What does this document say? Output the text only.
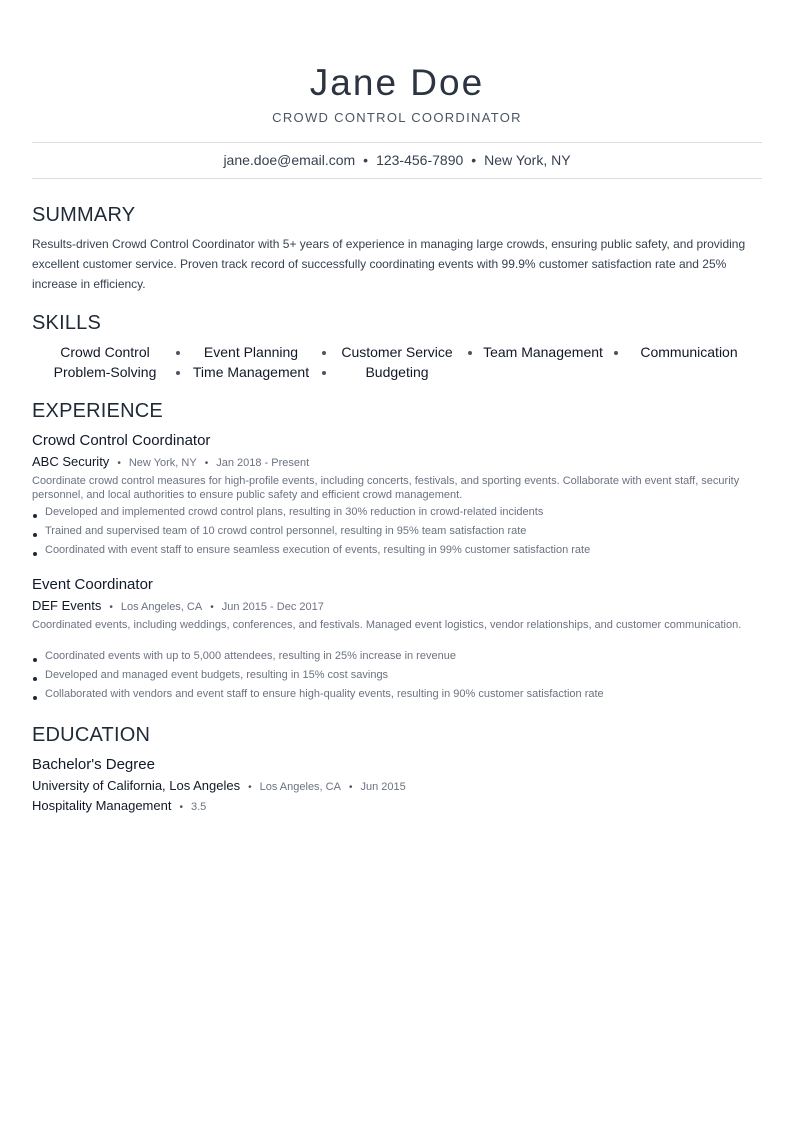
Jane Doe
CROWD CONTROL COORDINATOR
jane.doe@email.com • 123-456-7890 • New York, NY
SUMMARY
Results-driven Crowd Control Coordinator with 5+ years of experience in managing large crowds, ensuring public safety, and providing excellent customer service. Proven track record of successfully coordinating events with 99.9% customer satisfaction rate and 25% increase in efficiency.
SKILLS
Crowd Control	Event Planning	Customer Service	Team Management	Communication
Problem-Solving	Time Management	Budgeting
EXPERIENCE
Crowd Control Coordinator
ABC Security • New York, NY • Jan 2018 - Present
Coordinate crowd control measures for high-profile events, including concerts, festivals, and sporting events. Collaborate with event staff, security personnel, and local authorities to ensure public safety and efficient crowd management.
Developed and implemented crowd control plans, resulting in 30% reduction in crowd-related incidents
Trained and supervised team of 10 crowd control personnel, resulting in 95% team satisfaction rate
Coordinated with event staff to ensure seamless execution of events, resulting in 99% customer satisfaction rate
Event Coordinator
DEF Events • Los Angeles, CA • Jun 2015 - Dec 2017
Coordinated events, including weddings, conferences, and festivals. Managed event logistics, vendor relationships, and customer communication.
Coordinated events with up to 5,000 attendees, resulting in 25% increase in revenue
Developed and managed event budgets, resulting in 15% cost savings
Collaborated with vendors and event staff to ensure high-quality events, resulting in 90% customer satisfaction rate
EDUCATION
Bachelor's Degree
University of California, Los Angeles • Los Angeles, CA • Jun 2015
Hospitality Management • 3.5
